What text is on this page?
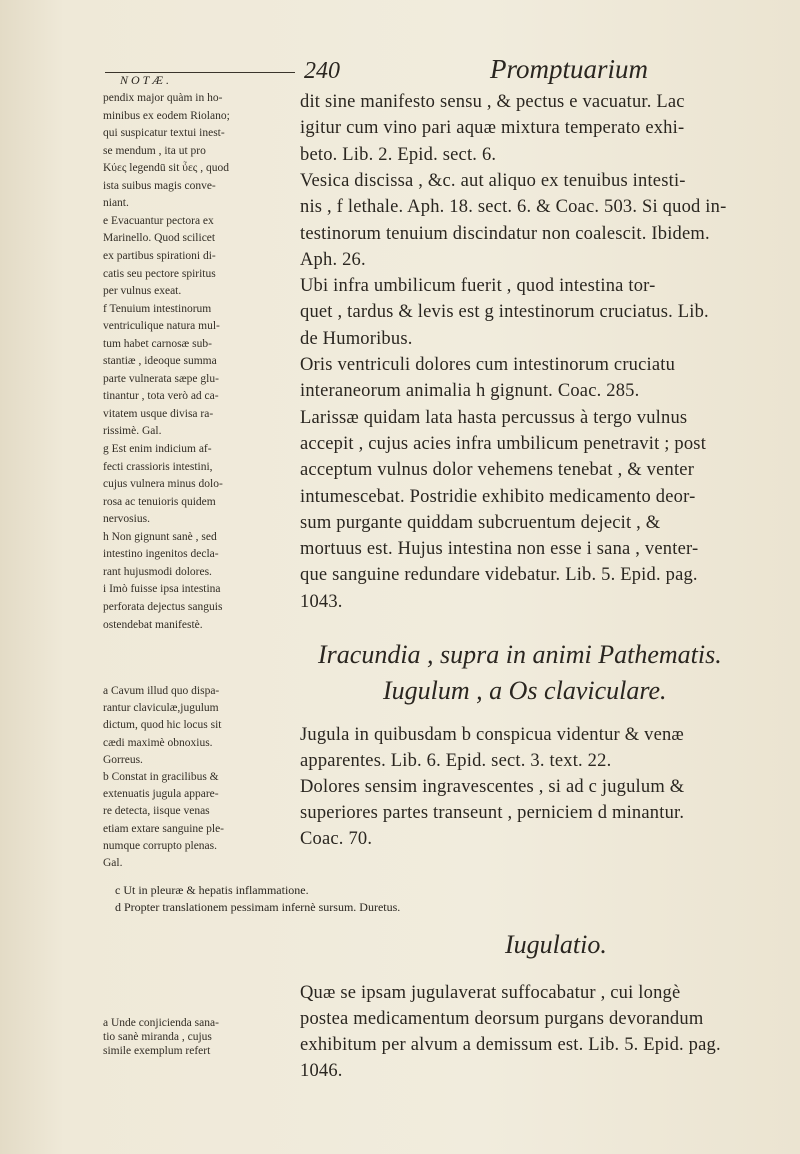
NOTÆ.	240	Promptuarium
pendix major quàm in ho-
minibus ex eodem Riolano;
qui suspicatur textui inest-
se mendum , ita ut pro
Κύες legendū sit ὖες , quod
ista suibus magis conve-
niant.
e Evacuantur pectora ex
Marinello. Quod scilicet
ex partibus spirationi di-
catis seu pectore spiritus
per vulnus exeat.
f Tenuium intestinorum
ventriculique natura mul-
tum habet carnosæ sub-
stantiæ , ideoque summa
parte vulnerata sæpe glu-
tinantur , tota verò ad ca-
vitatem usque divisa ra-
rissimè. Gal.
g Est enim indicium af-
fecti crassioris intestini,
cujus vulnera minus dolo-
rosa ac tenuioris quidem
nervosius.
h Non gignunt sanè , sed
intestino ingenitos decla-
rant hujusmodi dolores.
i Imò fuisse ipsa intestina
perforata dejectus sanguis
ostendebat manifestè.
a Cavum illud quo dispa-
rantur claviculæ,jugulum
dictum, quod hic locus sit
cædi maximè obnoxius.
Gorreus.
b Constat in gracilibus &
extenuatis jugula appare-
re detecta, iisque venas
etiam extare sanguine ple-
numque corrupto plenas.
Gal.
a Unde conjicienda sana-
tio sanè miranda , cujus
simile exemplum refert
dit sine manifesto sensu , & pectus e vacuatur. Lac
igitur cum vino pari aquæ mixtura temperato exhi-
beto. Lib. 2. Epid. sect. 6.
Vesica discissa , &c. aut aliquo ex tenuibus intesti-
nis , f lethale. Aph. 18. sect. 6. & Coac. 503. Si quod in-
testinorum tenuium discindatur non coalescit. Ibidem.
Aph. 26.
Ubi infra umbilicum fuerit , quod intestina tor-
quet , tardus & levis est g intestinorum cruciatus. Lib.
de Humoribus.
Oris ventriculi dolores cum intestinorum cruciatu
interaneorum animalia h gignunt. Coac. 285.
Larissæ quidam lata hasta percussus à tergo vulnus
accepit , cujus acies infra umbilicum penetravit ; post
acceptum vulnus dolor vehemens tenebat , & venter
intumescebat. Postridie exhibito medicamento deor-
sum purgante quiddam subcruentum dejecit , &
mortuus est. Hujus intestina non esse i sana , venter-
que sanguine redundare videbatur. Lib. 5. Epid. pag.
1043.
Iracundia , supra in animi Pathematis.
Iugulum , a Os claviculare.
Jugula in quibusdam b conspicua videntur & venæ
apparentes. Lib. 6. Epid. sect. 3. text. 22.
Dolores sensim ingravescentes , si ad c jugulum &
superiores partes transeunt , perniciem d minantur.
Coac. 70.
c Ut in pleuræ & hepatis inflammatione.
d Propter translationem pessimam infernè sursum. Duretus.
Iugulatio.
Quæ se ipsam jugulaverat suffocabatur , cui longè
postea medicamentum deorsum purgans devorandum
exhibitum per alvum a demissum est. Lib. 5. Epid. pag.
1046.
